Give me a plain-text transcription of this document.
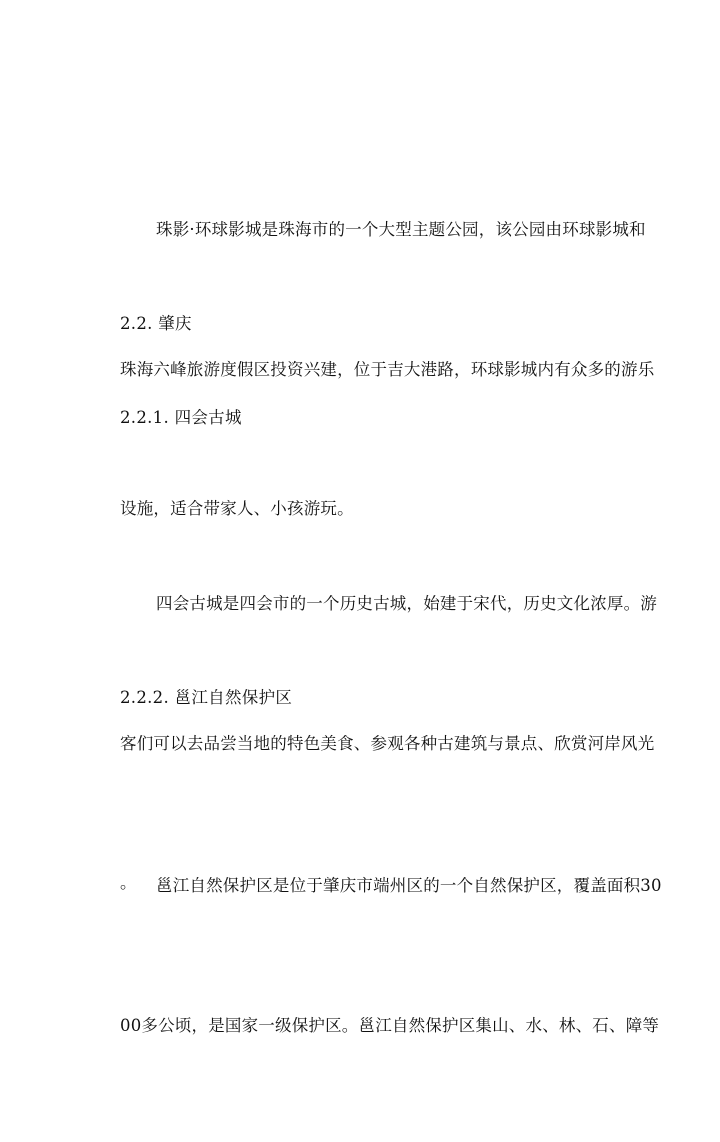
珠影·环球影城是珠海市的一个大型主题公园，该公园由环球影城和

珠海六峰旅游度假区投资兴建，位于吉大港路，环球影城内有众多的游乐

设施，适合带家人、小孩游玩。

2.2. 肇庆
2.2.1. 四会古城

四会古城是四会市的一个历史古城，始建于宋代，历史文化浓厚。游

客们可以去品尝当地的特色美食、参观各种古建筑与景点、欣赏河岸风光

。

2.2.2. 邕江自然保护区

邕江自然保护区是位于肇庆市端州区的一个自然保护区，覆盖面积30

00多公顷，是国家一级保护区。邕江自然保护区集山、水、林、石、障等
